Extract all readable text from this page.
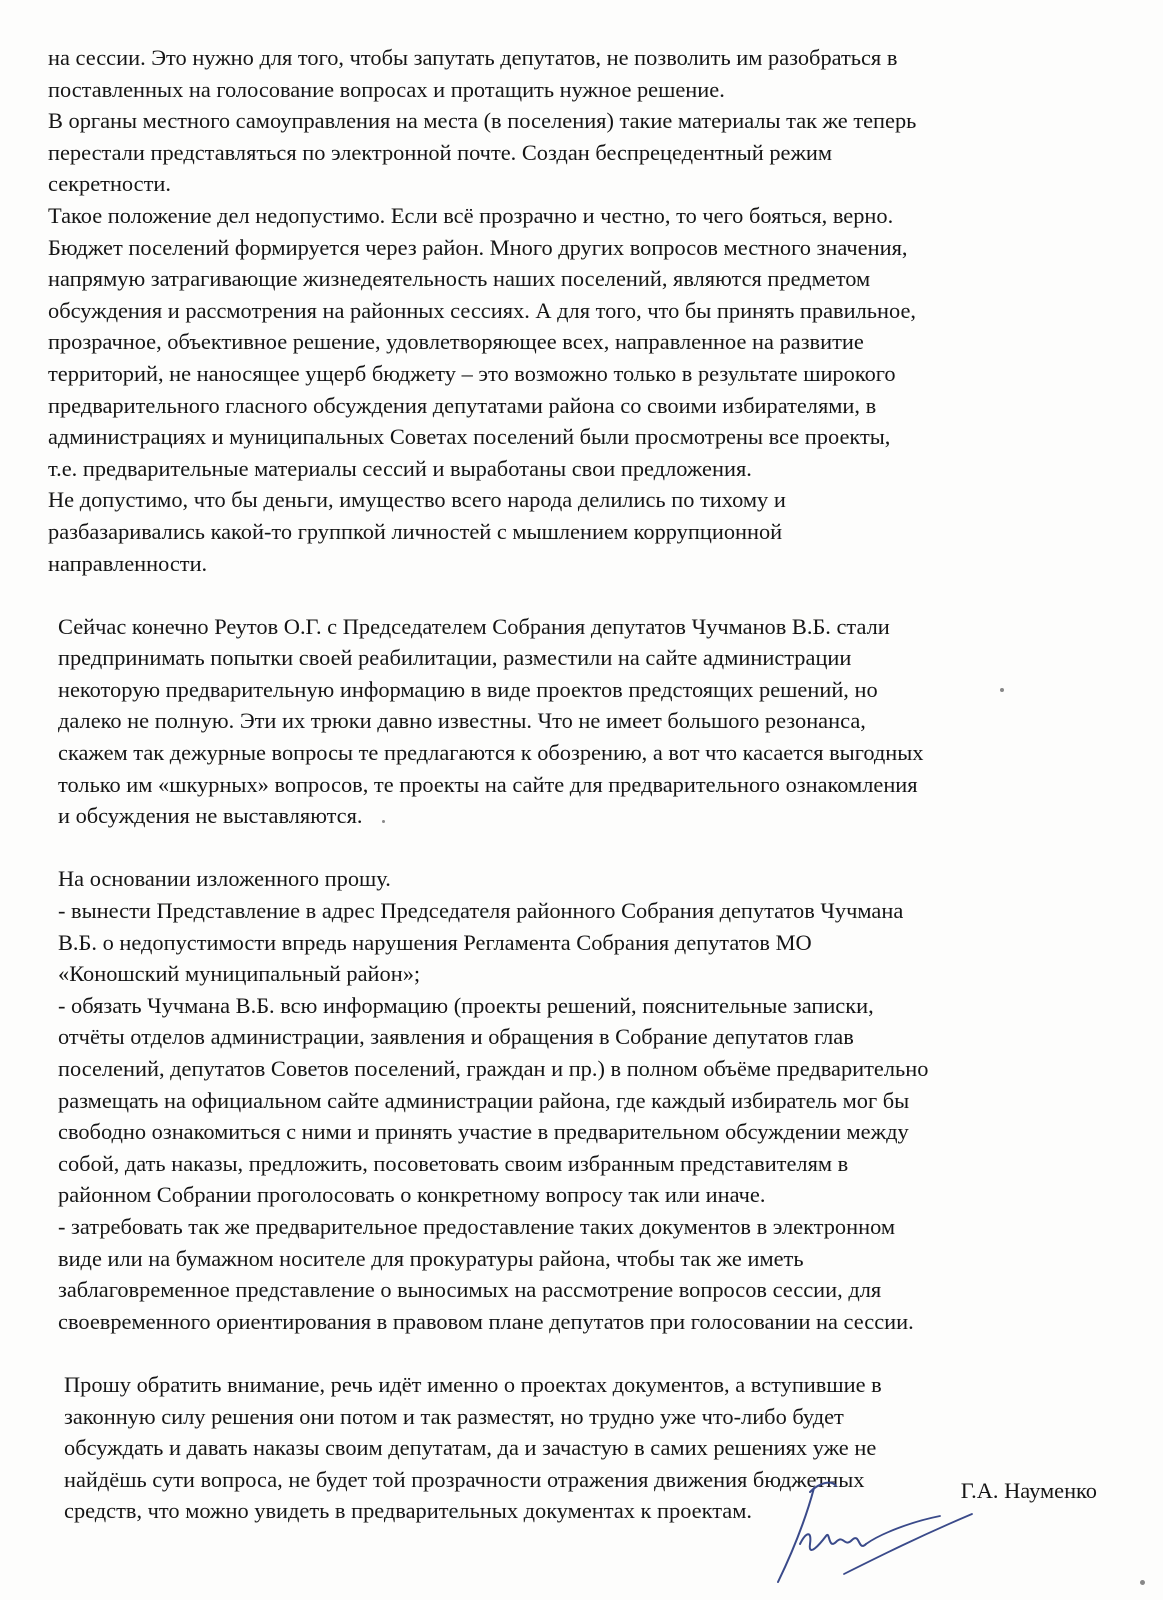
на сессии. Это нужно для того, чтобы запутать депутатов, не позволить им разобраться в
поставленных на голосование вопросах и протащить нужное решение.
В органы местного самоуправления на места (в поселения) такие материалы так же теперь
перестали представляться по электронной почте. Создан беспрецедентный режим
секретности.
Такое положение дел недопустимо. Если всё прозрачно и честно, то чего бояться, верно.
Бюджет поселений формируется через район. Много других вопросов местного значения,
напрямую затрагивающие жизнедеятельность наших поселений, являются предметом
обсуждения и рассмотрения на районных сессиях. А для того, что бы принять правильное,
прозрачное, объективное решение, удовлетворяющее всех, направленное на развитие
территорий, не наносящее ущерб бюджету – это возможно только в результате широкого
предварительного гласного обсуждения депутатами района со своими избирателями, в
администрациях и муниципальных Советах поселений были просмотрены все проекты,
т.е. предварительные материалы сессий и выработаны свои предложения.
Не допустимо, что бы деньги, имущество всего народа делились по тихому и
разбазаривались какой-то группкой личностей с мышлением коррупционной
направленности.
Сейчас конечно Реутов О.Г. с Председателем Собрания депутатов Чучманов В.Б. стали
предпринимать попытки своей реабилитации, разместили на сайте администрации
некоторую предварительную информацию в виде проектов предстоящих решений, но
далеко не полную. Эти их трюки давно известны. Что не имеет большого резонанса,
скажем так дежурные вопросы те предлагаются к обозрению, а вот что касается выгодных
только им «шкурных» вопросов, те проекты на сайте для предварительного ознакомления
и обсуждения не выставляются.
На основании изложенного прошу.
- вынести Представление в адрес Председателя районного Собрания депутатов Чучмана
В.Б. о недопустимости впредь нарушения Регламента Собрания депутатов МО
«Коношский муниципальный район»;
- обязать Чучмана В.Б. всю информацию (проекты решений, пояснительные записки,
отчёты отделов администрации, заявления и обращения в Собрание депутатов глав
поселений, депутатов Советов поселений, граждан и пр.) в полном объёме предварительно
размещать на официальном сайте администрации района, где каждый избиратель мог бы
свободно ознакомиться с ними и принять участие в предварительном обсуждении между
собой, дать наказы, предложить, посоветовать своим избранным представителям в
районном Собрании проголосовать о конкретному вопросу так или иначе.
- затребовать так же предварительное предоставление таких документов в электронном
виде или на бумажном носителе для прокуратуры района, чтобы так же иметь
заблаговременное представление о выносимых на рассмотрение вопросов сессии, для
своевременного ориентирования в правовом плане депутатов при голосовании на сессии.
Прошу обратить внимание, речь идёт именно о проектах документов, а вступившие в
законную силу решения они потом и так разместят, но трудно уже что-либо будет
обсуждать и давать наказы своим депутатам, да и зачастую в самих решениях уже не
найдёшь сути вопроса, не будет той прозрачности отражения движения бюджетных
средств, что можно увидеть в предварительных документах к проектам.
Г.А. Науменко
